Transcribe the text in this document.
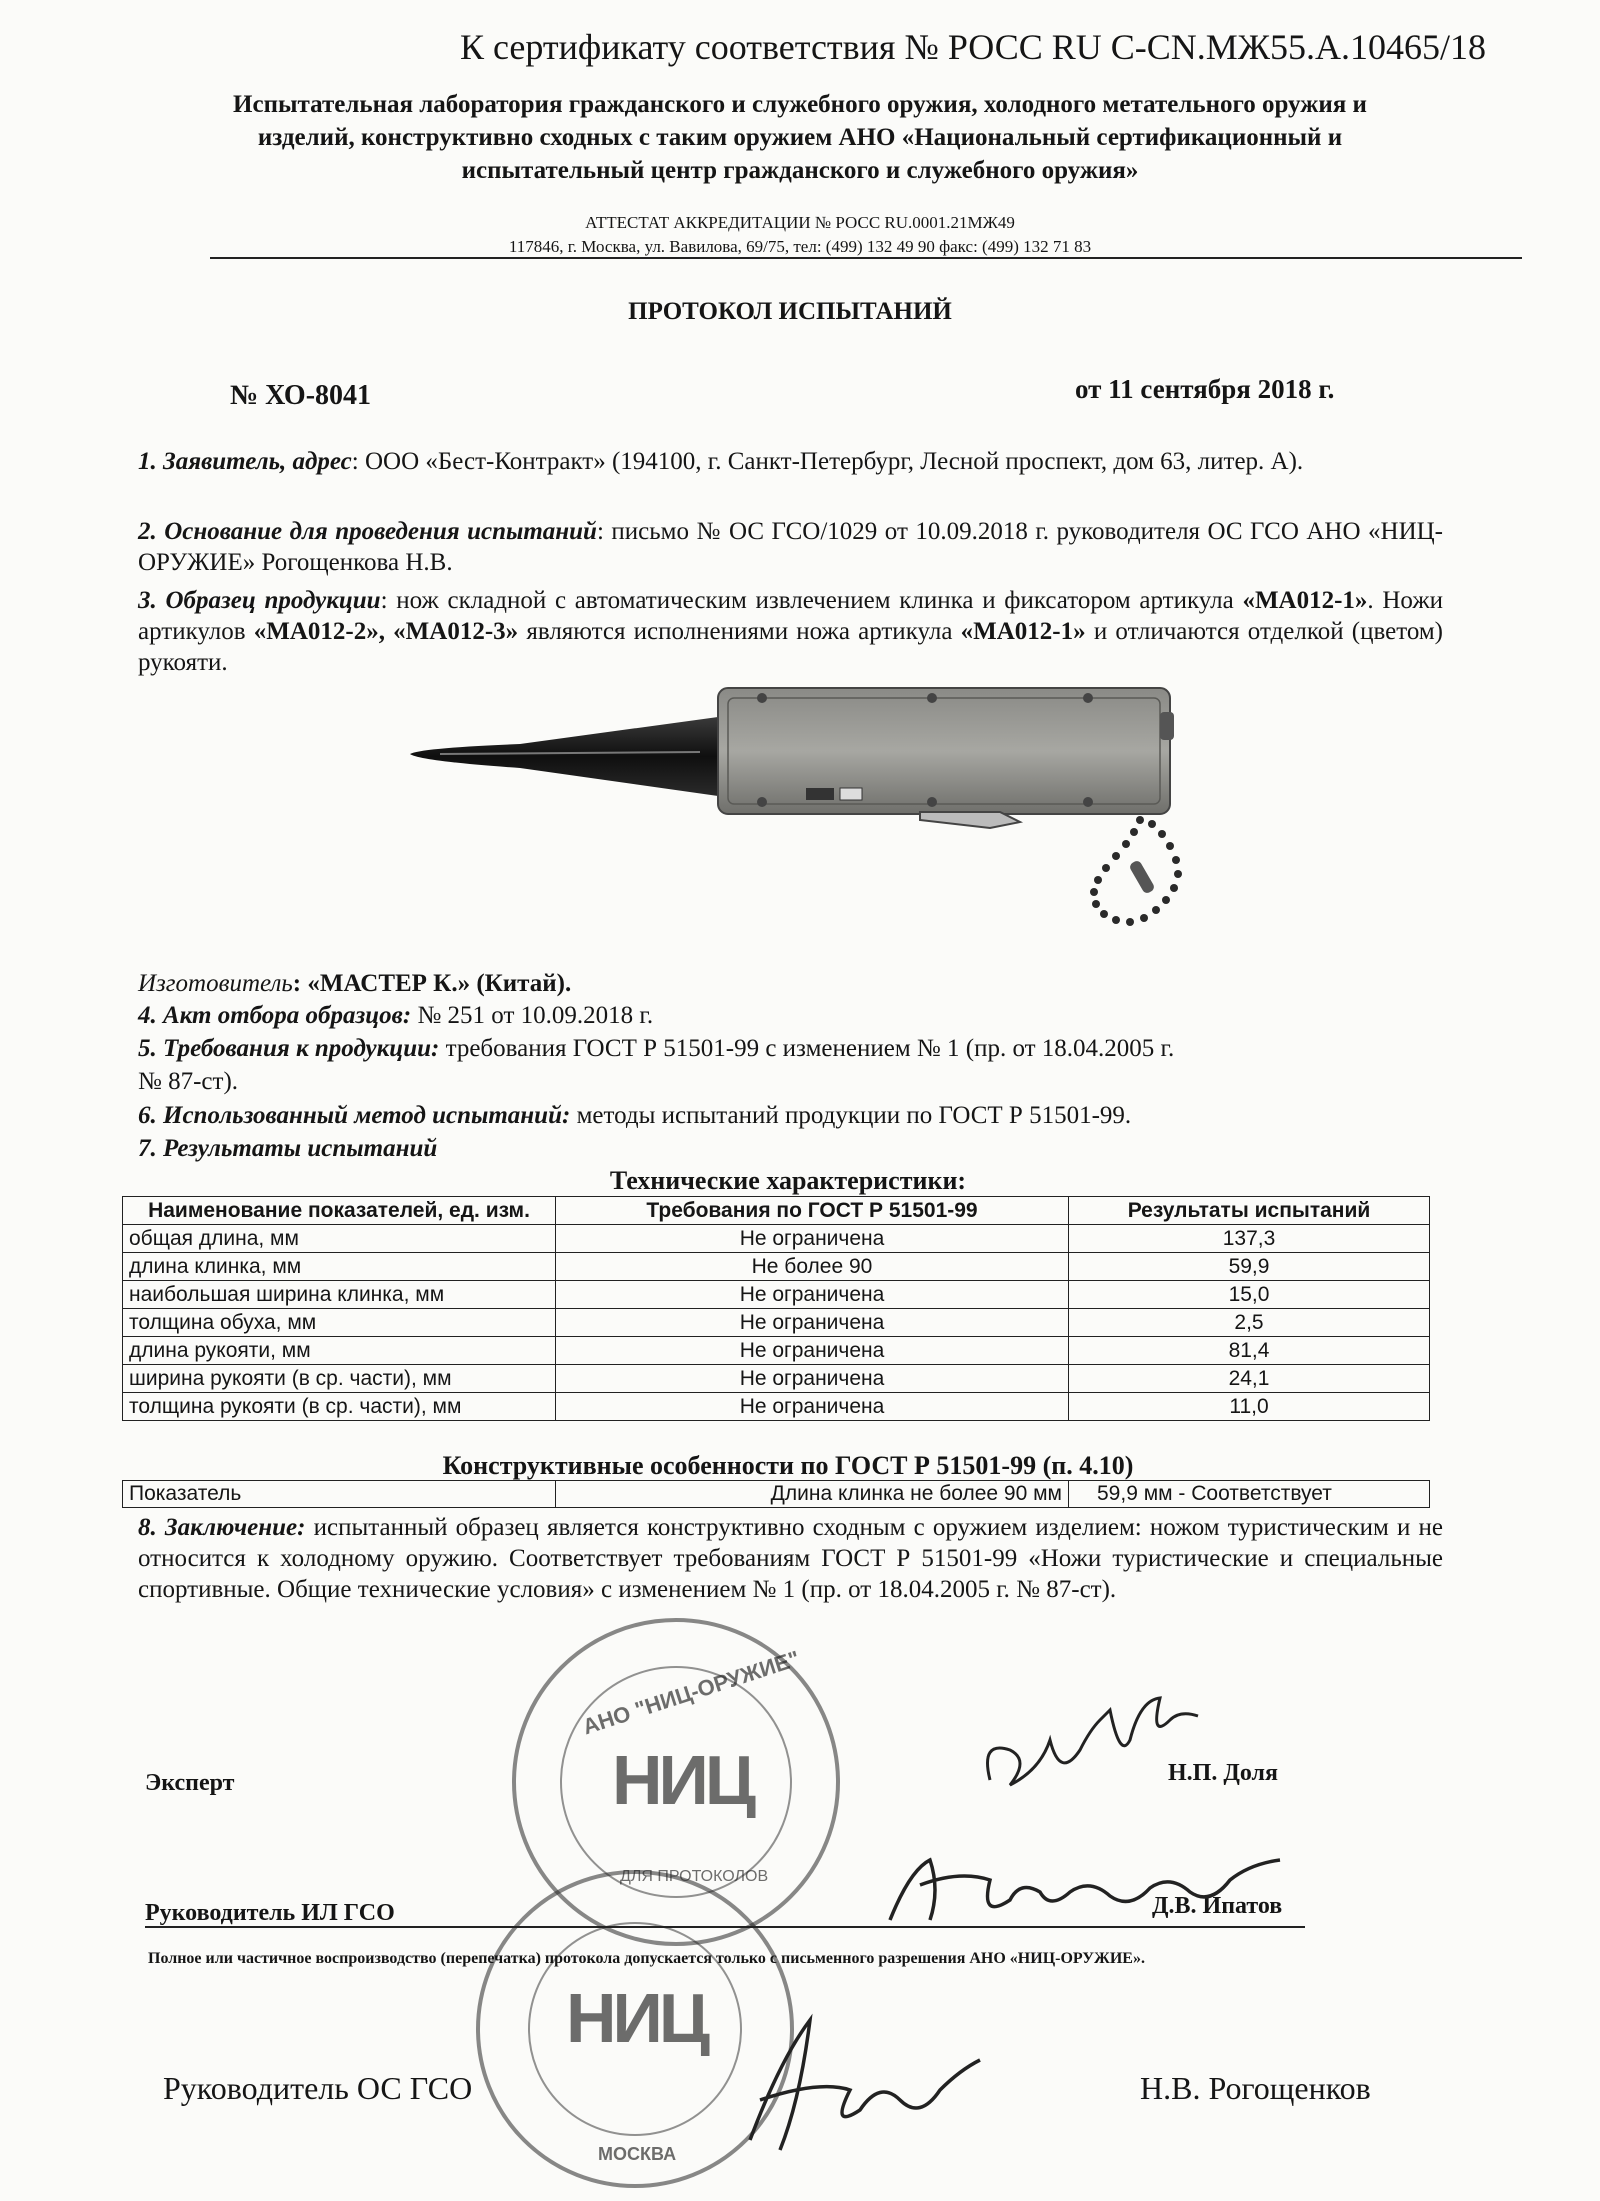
К сертификату соответствия № РОСС RU С-CN.МЖ55.А.10465/18
Испытательная лаборатория гражданского и служебного оружия, холодного метательного оружия и
изделий, конструктивно сходных с таким оружием АНО «Национальный сертификационный и
испытательный центр гражданского и служебного оружия»
АТТЕСТАТ АККРЕДИТАЦИИ № РОСС RU.0001.21МЖ49
117846, г. Москва, ул. Вавилова, 69/75, тел: (499) 132 49 90 факс: (499) 132 71 83
ПРОТОКОЛ ИСПЫТАНИЙ
№ ХО-8041	от 11 сентября 2018 г.
1. Заявитель, адрес: ООО «Бест-Контракт» (194100, г. Санкт-Петербург, Лесной проспект, дом 63, литер. А).
2. Основание для проведения испытаний: письмо № ОС ГСО/1029 от 10.09.2018 г. руководителя ОС ГСО АНО «НИЦ-ОРУЖИЕ» Рогощенкова Н.В.
3. Образец продукции: нож складной с автоматическим извлечением клинка и фиксатором артикула «МА012-1». Ножи артикулов «МА012-2», «МА012-3» являются исполнениями ножа артикула «МА012-1» и отличаются отделкой (цветом) рукояти.
Изготовитель: «МАСТЕР К.» (Китай).
4. Акт отбора образцов: № 251 от 10.09.2018 г.
5. Требования к продукции: требования ГОСТ Р 51501-99 с изменением № 1 (пр. от 18.04.2005 г.
№ 87-ст).
6. Использованный метод испытаний: методы испытаний продукции по ГОСТ Р 51501-99.
7. Результаты испытаний
Технические характеристики:
Наименование показателей, ед. изм.	Требования по ГОСТ Р 51501-99	Результаты испытаний
общая длина, мм	Не ограничена	137,3
длина клинка, мм	Не более 90	59,9
наибольшая ширина клинка, мм	Не ограничена	15,0
толщина обуха, мм	Не ограничена	2,5
длина рукояти, мм	Не ограничена	81,4
ширина рукояти (в ср. части), мм	Не ограничена	24,1
толщина рукояти (в ср. части), мм	Не ограничена	11,0
Конструктивные особенности по ГОСТ Р 51501-99 (п. 4.10)
Показатель	Длина клинка не более 90 мм	59,9 мм - Соответствует
8. Заключение: испытанный образец является конструктивно сходным с оружием изделием: ножом туристическим и не относится к холодному оружию. Соответствует требованиям ГОСТ Р 51501-99 «Ножи туристические и специальные спортивные. Общие технические условия» с изменением № 1 (пр. от 18.04.2005 г. № 87-ст).
НИЦ
АНО "НИЦ-ОРУЖИЕ"
ДЛЯ ПРОТОКОЛОВ
НИЦ
МОСКВА
Эксперт	Н.П. Доля
Руководитель ИЛ ГСО	Д.В. Ипатов
Полное или частичное воспроизводство (перепечатка) протокола допускается только с письменного разрешения АНО «НИЦ-ОРУЖИЕ».
Руководитель ОС ГСО	Н.В. Рогощенков
